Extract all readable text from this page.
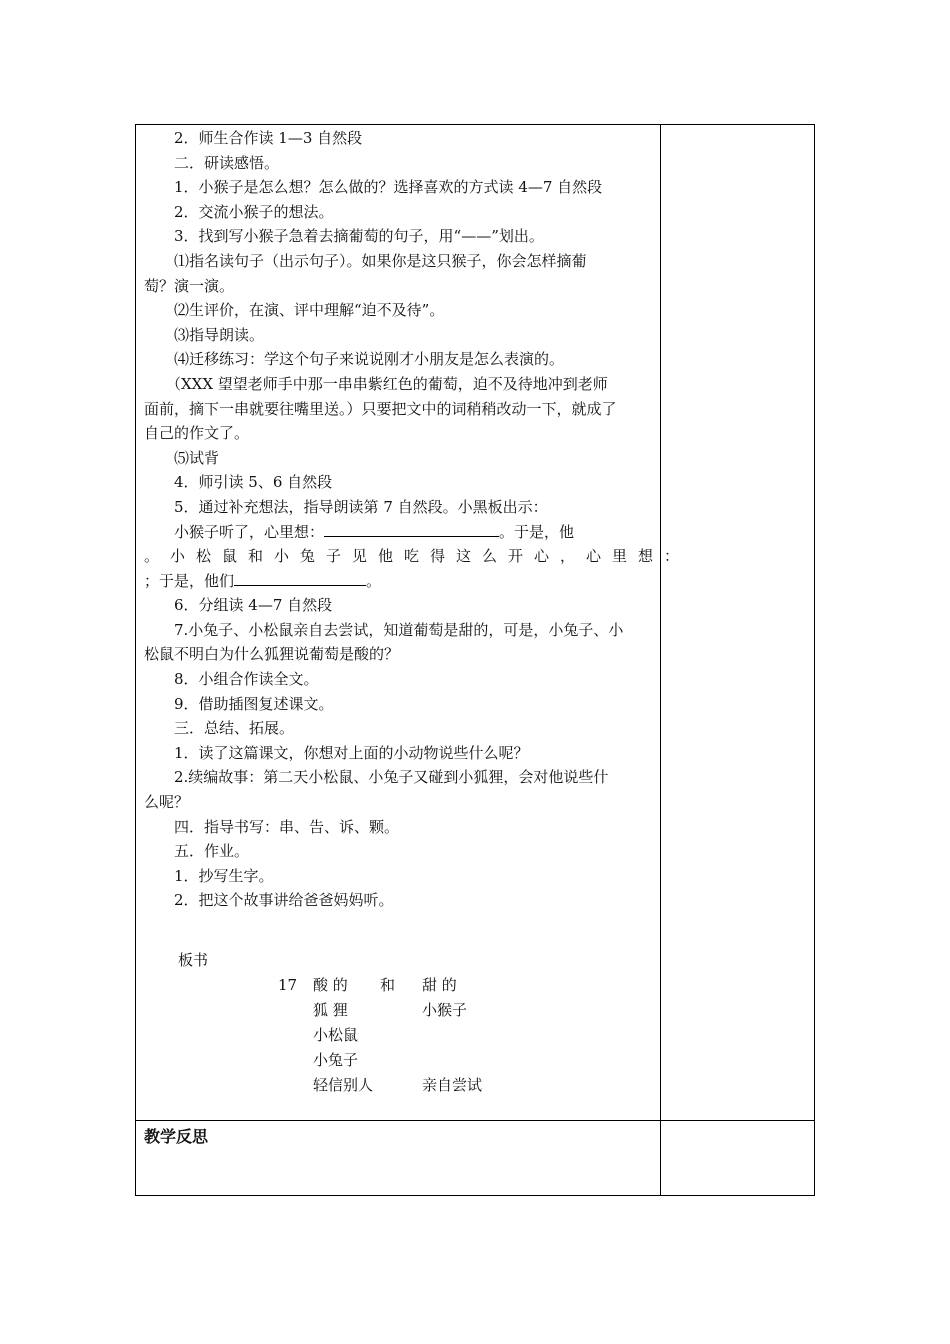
2．师生合作读 1—3 自然段
二．研读感悟。
1．小猴子是怎么想？怎么做的？选择喜欢的方式读 4—7 自然段
2．交流小猴子的想法。
3．找到写小猴子急着去摘葡萄的句子，用“——”划出。
⑴指名读句子（出示句子）。如果你是这只猴子，你会怎样摘葡
萄？演一演。
⑵生评价，在演、评中理解“迫不及待”。
⑶指导朗读。
⑷迁移练习：学这个句子来说说刚才小朋友是怎么表演的。
（XXX 望望老师手中那一串串紫红色的葡萄，迫不及待地冲到老师
面前，摘下一串就要往嘴里送。）只要把文中的词稍稍改动一下，就成了
自己的作文了。
⑸试背
4．师引读 5、6 自然段
5．通过补充想法，指导朗读第 7 自然段。小黑板出示：
小猴子听了，心里想：	。于是，他
。小松鼠和小兔子见他吃得这么开心，心里想：
；于是，他们	。
6．分组读 4—7 自然段
7.小兔子、小松鼠亲自去尝试，知道葡萄是甜的，可是，小兔子、小
松鼠不明白为什么狐狸说葡萄是酸的？
8．小组合作读全文。
9．借助插图复述课文。
三．总结、拓展。
1．读了这篇课文，你想对上面的小动物说些什么呢？
2.续编故事：第二天小松鼠、小兔子又碰到小狐狸，会对他说些什
么呢？
四．指导书写：串、告、诉、颗。
五．作业。
1．抄写生字。
2．把这个故事讲给爸爸妈妈听。
板书
17 酸 的 和 甜 的
狐 狸	小猴子
小松鼠
小兔子
轻信别人	亲自尝试
教学反思
